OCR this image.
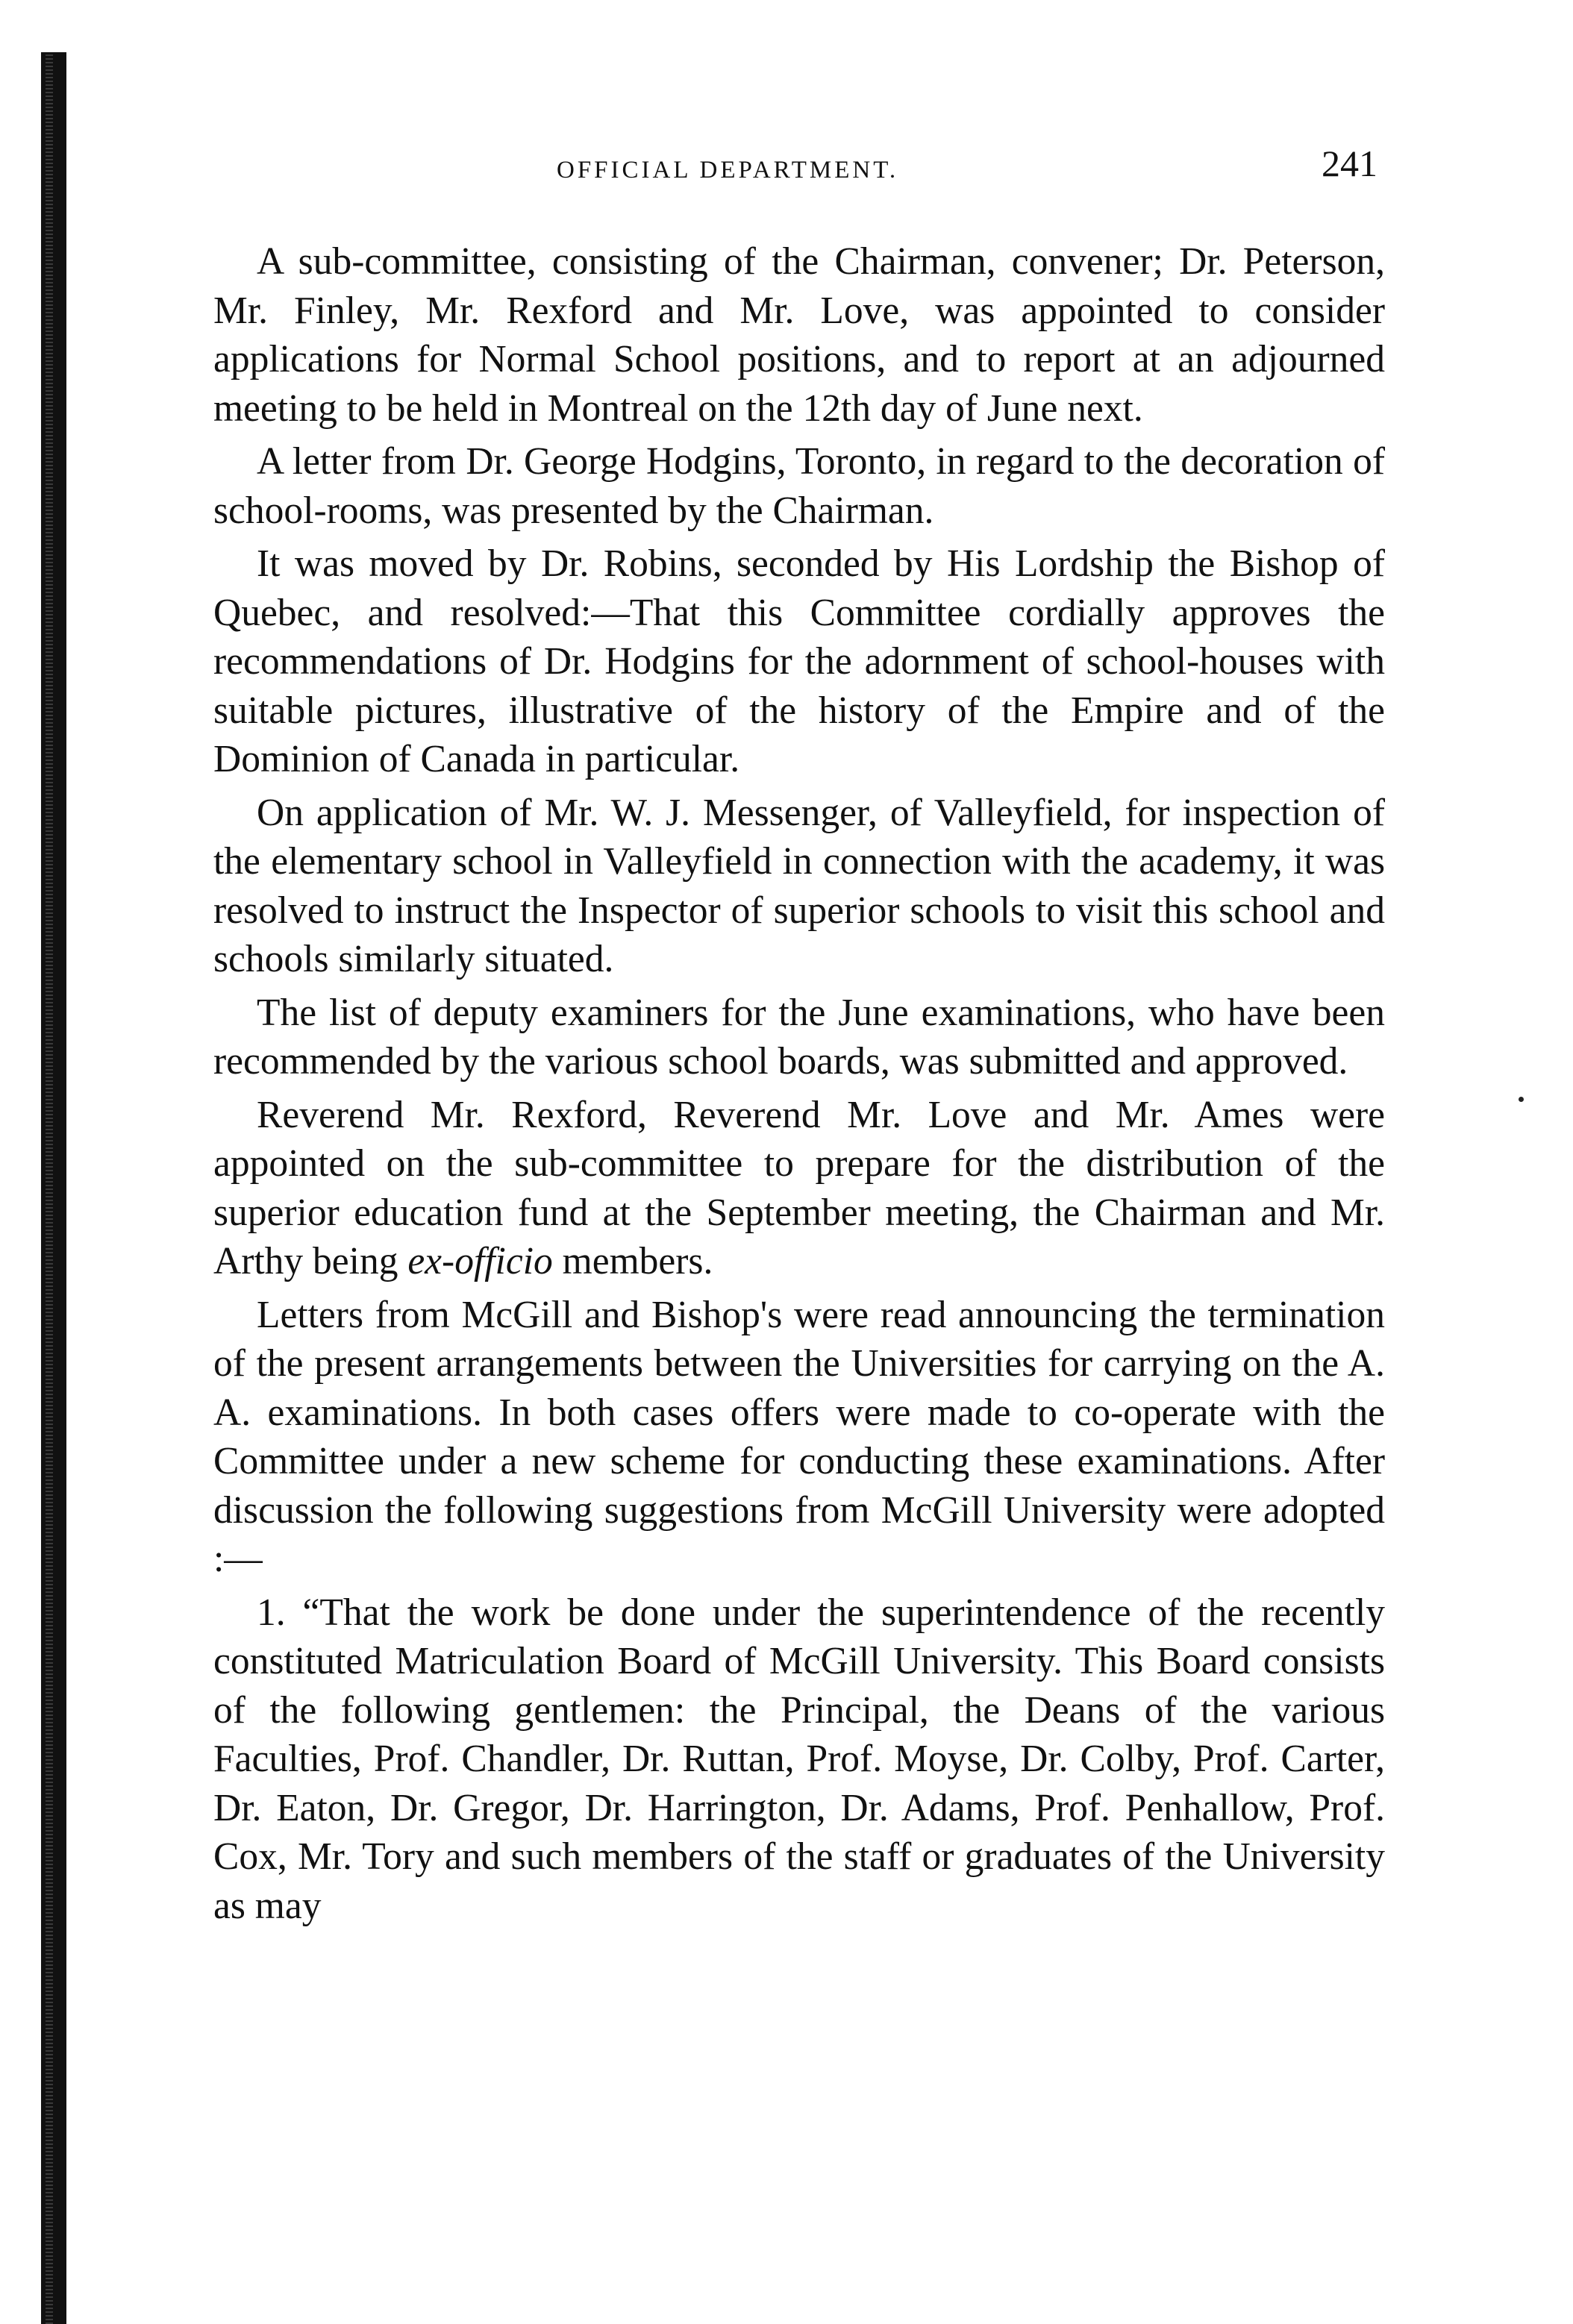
OFFICIAL DEPARTMENT.	241

A sub-committee, consisting of the Chairman, convener; Dr. Peterson, Mr. Finley, Mr. Rexford and Mr. Love, was appointed to consider applications for Normal School positions, and to report at an adjourned meeting to be held in Montreal on the 12th day of June next.

A letter from Dr. George Hodgins, Toronto, in regard to the decoration of school-rooms, was presented by the Chairman.

It was moved by Dr. Robins, seconded by His Lordship the Bishop of Quebec, and resolved:—That this Committee cordially approves the recommendations of Dr. Hodgins for the adornment of school-houses with suitable pictures, illustrative of the history of the Empire and of the Dominion of Canada in particular.

On application of Mr. W. J. Messenger, of Valleyfield, for inspection of the elementary school in Valleyfield in connection with the academy, it was resolved to instruct the Inspector of superior schools to visit this school and schools similarly situated.

The list of deputy examiners for the June examinations, who have been recommended by the various school boards, was submitted and approved.

Reverend Mr. Rexford, Reverend Mr. Love and Mr. Ames were appointed on the sub-committee to prepare for the distribution of the superior education fund at the September meeting, the Chairman and Mr. Arthy being ex-officio members.

Letters from McGill and Bishop's were read announcing the termination of the present arrangements between the Universities for carrying on the A. A. examinations. In both cases offers were made to co-operate with the Committee under a new scheme for conducting these examinations. After discussion the following suggestions from McGill University were adopted :—

1. “That the work be done under the superintendence of the recently constituted Matriculation Board of McGill University. This Board consists of the following gentlemen: the Principal, the Deans of the various Faculties, Prof. Chandler, Dr. Ruttan, Prof. Moyse, Dr. Colby, Prof. Carter, Dr. Eaton, Dr. Gregor, Dr. Harrington, Dr. Adams, Prof. Penhallow, Prof. Cox, Mr. Tory and such members of the staff or graduates of the University as may
